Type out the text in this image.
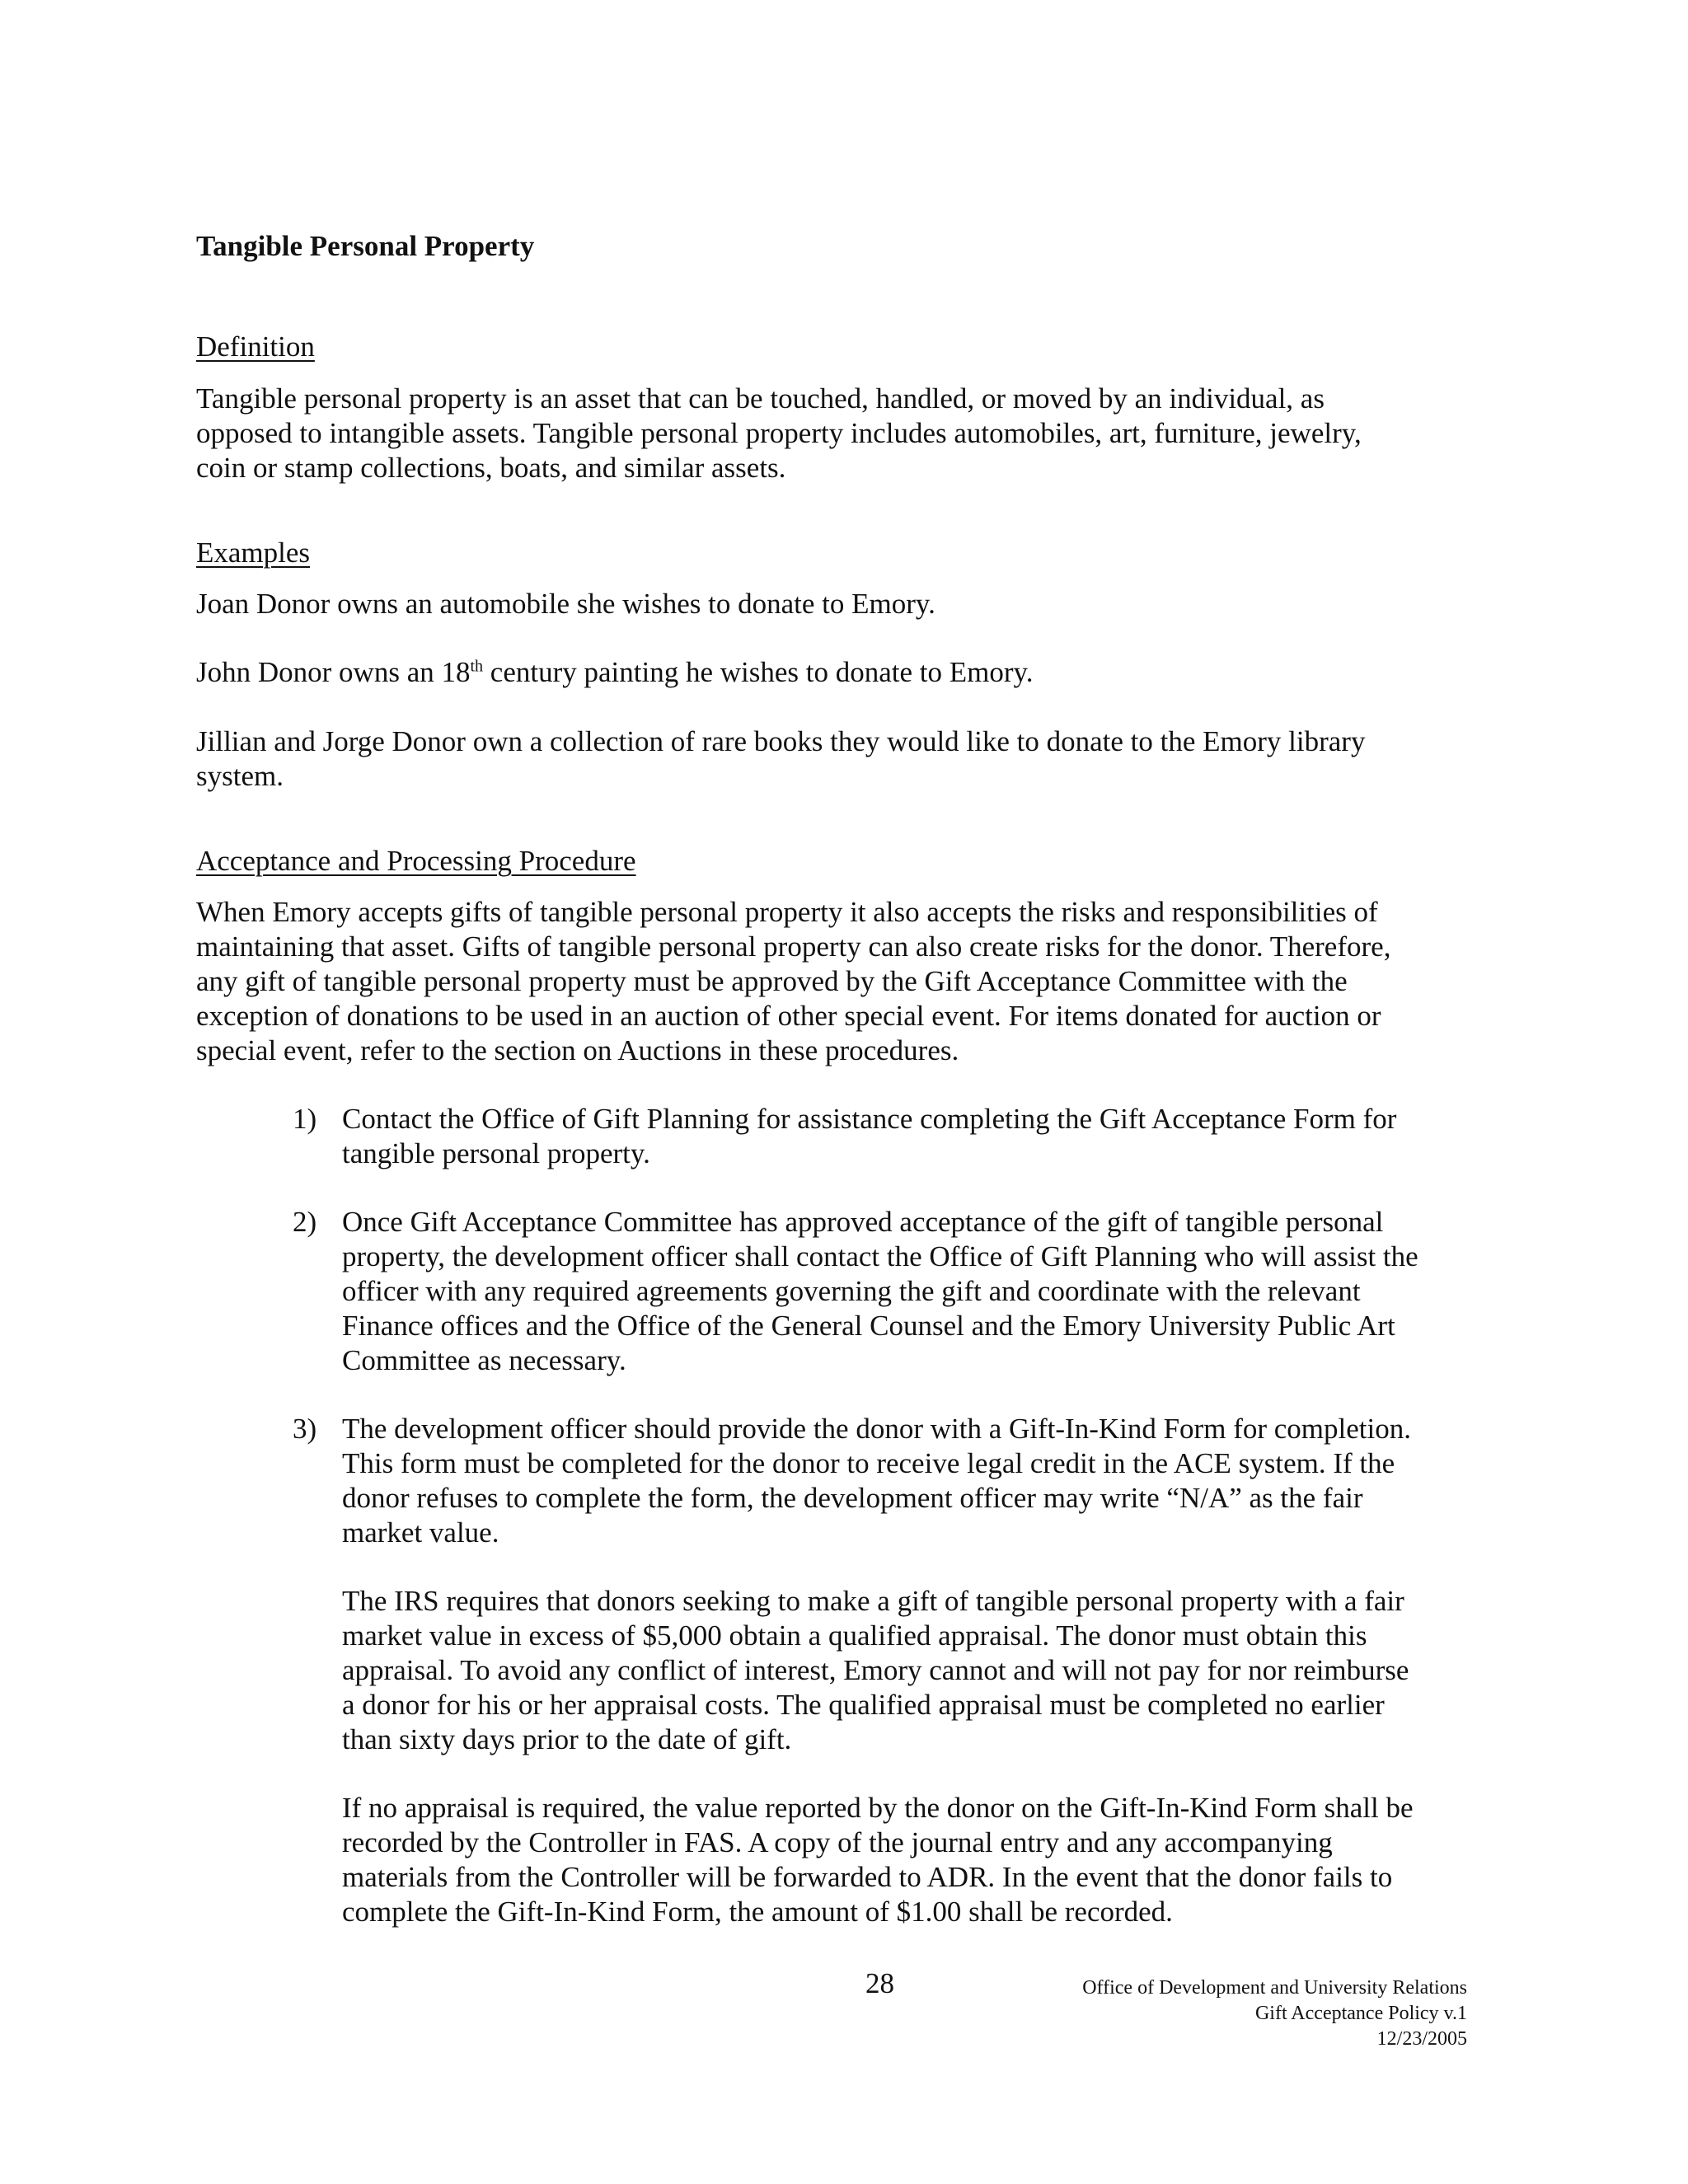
Tangible Personal Property

Definition

Tangible personal property is an asset that can be touched, handled, or moved by an individual, as

opposed to intangible assets. Tangible personal property includes automobiles, art, furniture, jewelry,

coin or stamp collections, boats, and similar assets.

Examples

Joan Donor owns an automobile she wishes to donate to Emory.

John Donor owns an 18th century painting he wishes to donate to Emory.

Jillian and Jorge Donor own a collection of rare books they would like to donate to the Emory library

system.

Acceptance and Processing Procedure

When Emory accepts gifts of tangible personal property it also accepts the risks and responsibilities of

maintaining that asset. Gifts of tangible personal property can also create risks for the donor. Therefore,

any gift of tangible personal property must be approved by the Gift Acceptance Committee with the

exception of donations to be used in an auction of other special event. For items donated for auction or

special event, refer to the section on Auctions in these procedures.

1) Contact the Office of Gift Planning for assistance completing the Gift Acceptance Form for

tangible personal property.

2) Once Gift Acceptance Committee has approved acceptance of the gift of tangible personal

property, the development officer shall contact the Office of Gift Planning who will assist the

officer with any required agreements governing the gift and coordinate with the relevant

Finance offices and the Office of the General Counsel and the Emory University Public Art

Committee as necessary.

3) The development officer should provide the donor with a Gift-In-Kind Form for completion.

This form must be completed for the donor to receive legal credit in the ACE system. If the

donor refuses to complete the form, the development officer may write “N/A” as the fair

market value.

The IRS requires that donors seeking to make a gift of tangible personal property with a fair

market value in excess of $5,000 obtain a qualified appraisal. The donor must obtain this

appraisal. To avoid any conflict of interest, Emory cannot and will not pay for nor reimburse

a donor for his or her appraisal costs. The qualified appraisal must be completed no earlier

than sixty days prior to the date of gift.

If no appraisal is required, the value reported by the donor on the Gift-In-Kind Form shall be

recorded by the Controller in FAS. A copy of the journal entry and any accompanying

materials from the Controller will be forwarded to ADR. In the event that the donor fails to

complete the Gift-In-Kind Form, the amount of $1.00 shall be recorded.

28	Office of Development and University Relations

Gift Acceptance Policy v.1

12/23/2005
